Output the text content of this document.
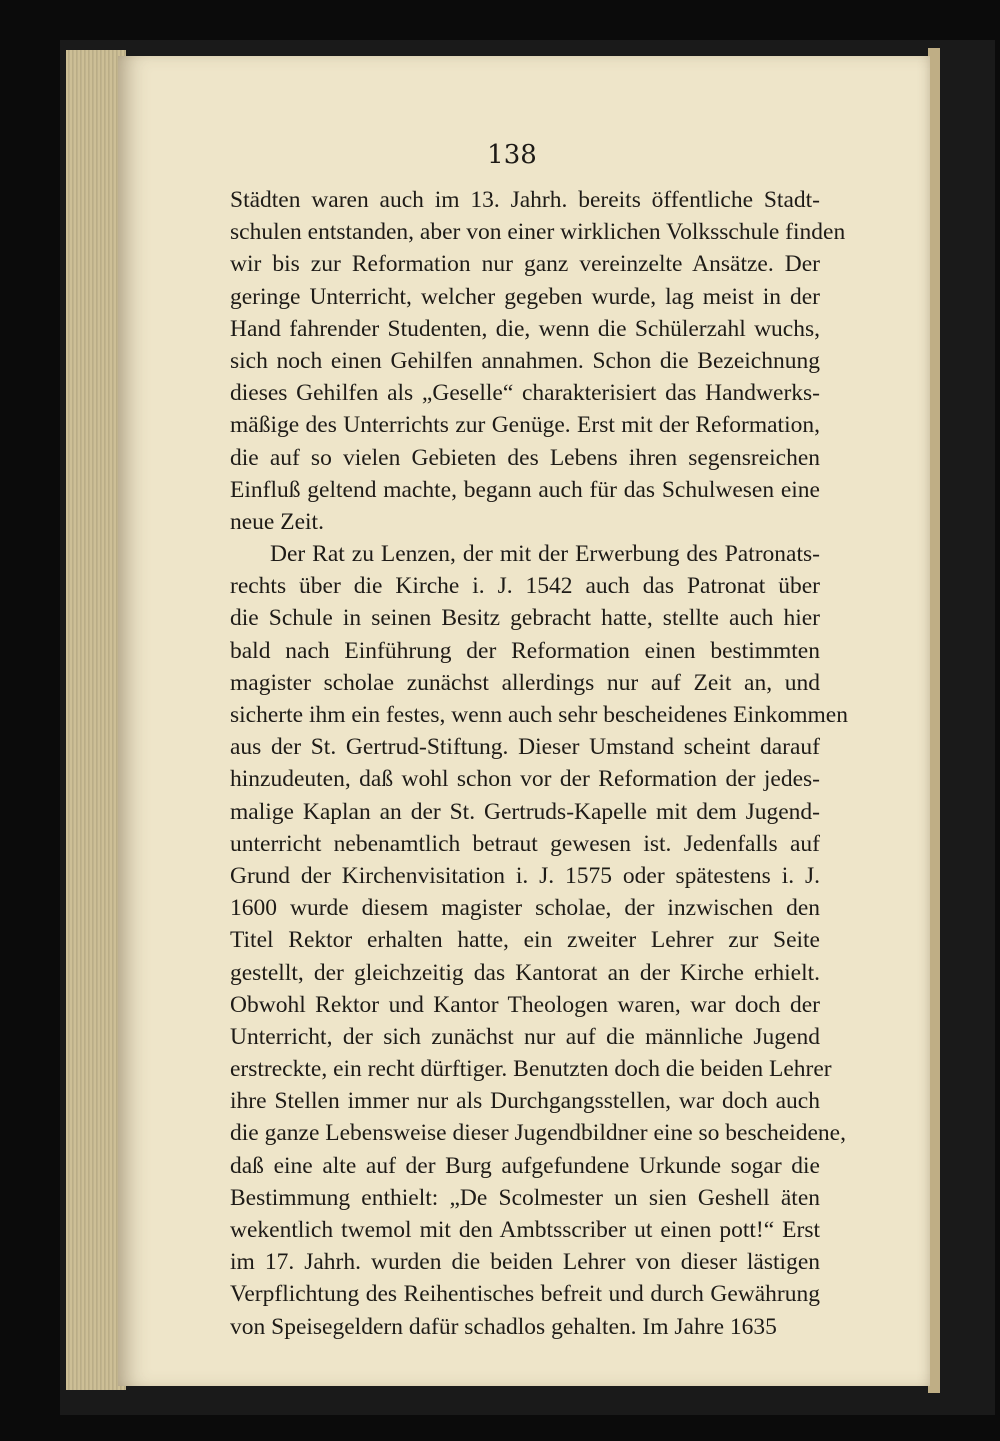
138
Städten waren auch im 13. Jahrh. bereits öffentliche Stadt-
schulen entstanden, aber von einer wirklichen Volksschule finden
wir bis zur Reformation nur ganz vereinzelte Ansätze. Der
geringe Unterricht, welcher gegeben wurde, lag meist in der
Hand fahrender Studenten, die, wenn die Schülerzahl wuchs,
sich noch einen Gehilfen annahmen. Schon die Bezeichnung
dieses Gehilfen als „Geselle“ charakterisiert das Handwerks-
mäßige des Unterrichts zur Genüge. Erst mit der Reformation,
die auf so vielen Gebieten des Lebens ihren segensreichen
Einfluß geltend machte, begann auch für das Schulwesen eine
neue Zeit.
Der Rat zu Lenzen, der mit der Erwerbung des Patronats-
rechts über die Kirche i. J. 1542 auch das Patronat über
die Schule in seinen Besitz gebracht hatte, stellte auch hier
bald nach Einführung der Reformation einen bestimmten
magister scholae zunächst allerdings nur auf Zeit an, und
sicherte ihm ein festes, wenn auch sehr bescheidenes Einkommen
aus der St. Gertrud-Stiftung. Dieser Umstand scheint darauf
hinzudeuten, daß wohl schon vor der Reformation der jedes-
malige Kaplan an der St. Gertruds-Kapelle mit dem Jugend-
unterricht nebenamtlich betraut gewesen ist. Jedenfalls auf
Grund der Kirchenvisitation i. J. 1575 oder spätestens i. J.
1600 wurde diesem magister scholae, der inzwischen den
Titel Rektor erhalten hatte, ein zweiter Lehrer zur Seite
gestellt, der gleichzeitig das Kantorat an der Kirche erhielt.
Obwohl Rektor und Kantor Theologen waren, war doch der
Unterricht, der sich zunächst nur auf die männliche Jugend
erstreckte, ein recht dürftiger. Benutzten doch die beiden Lehrer
ihre Stellen immer nur als Durchgangsstellen, war doch auch
die ganze Lebensweise dieser Jugendbildner eine so bescheidene,
daß eine alte auf der Burg aufgefundene Urkunde sogar die
Bestimmung enthielt: „De Scolmester un sien Geshell äten
wekentlich twemol mit den Ambtsscriber ut einen pott!“ Erst
im 17. Jahrh. wurden die beiden Lehrer von dieser lästigen
Verpflichtung des Reihentisches befreit und durch Gewährung
von Speisegeldern dafür schadlos gehalten. Im Jahre 1635
